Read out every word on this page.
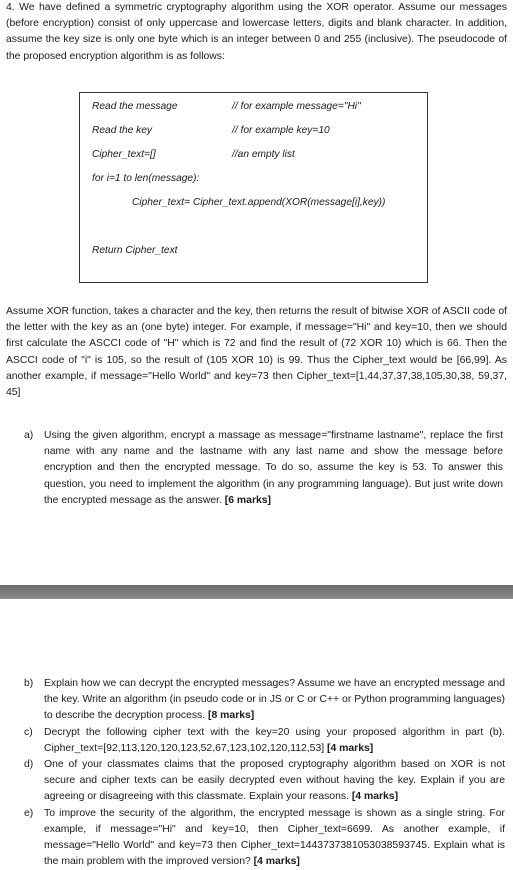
4. We have defined a symmetric cryptography algorithm using the XOR operator. Assume our messages (before encryption) consist of only uppercase and lowercase letters, digits and blank character. In addition, assume the key size is only one byte which is an integer between 0 and 255 (inclusive). The pseudocode of the proposed encryption algorithm is as follows:

Read the message	// for example message="Hi"
Read the key	// for example key=10
Cipher_text=[]	//an empty list
for i=1 to len(message):
Cipher_text= Cipher_text.append(XOR(message[i],key))
Return Cipher_text

Assume XOR function, takes a character and the key, then returns the result of bitwise XOR of ASCII code of the letter with the key as an (one byte) integer. For example, if message="Hi" and key=10, then we should first calculate the ASCCI code of "H" which is 72 and find the result of (72 XOR 10) which is 66. Then the ASCCI code of "i" is 105, so the result of (105 XOR 10) is 99. Thus the Cipher_text would be [66,99]. As another example, if message="Hello World" and key=73 then Cipher_text=[1,44,37,37,38,105,30,38, 59,37, 45]

a)	Using the given algorithm, encrypt a massage as message="firstname lastname", replace the first name with any name and the lastname with any last name and show the message before encryption and then the encrypted message. To do so, assume the key is 53. To answer this question, you need to implement the algorithm (in any programming language). But just write down the encrypted message as the answer. [6 marks]

b)	Explain how we can decrypt the encrypted messages? Assume we have an encrypted message and the key. Write an algorithm (in pseudo code or in JS or C or C++ or Python programming languages) to describe the decryption process. [8 marks]

c)	Decrypt the following cipher text with the key=20 using your proposed algorithm in part (b). Cipher_text=[92,113,120,120,123,52,67,123,102,120,112,53] [4 marks]

d)	One of your classmates claims that the proposed cryptography algorithm based on XOR is not secure and cipher texts can be easily decrypted even without having the key. Explain if you are agreeing or disagreeing with this classmate. Explain your reasons. [4 marks]

e)	To improve the security of the algorithm, the encrypted message is shown as a single string. For example, if message="Hi" and key=10, then Cipher_text=6699. As another example, if message="Hello World" and key=73 then Cipher_text=1443737381053038593745. Explain what is the main problem with the improved version? [4 marks]
